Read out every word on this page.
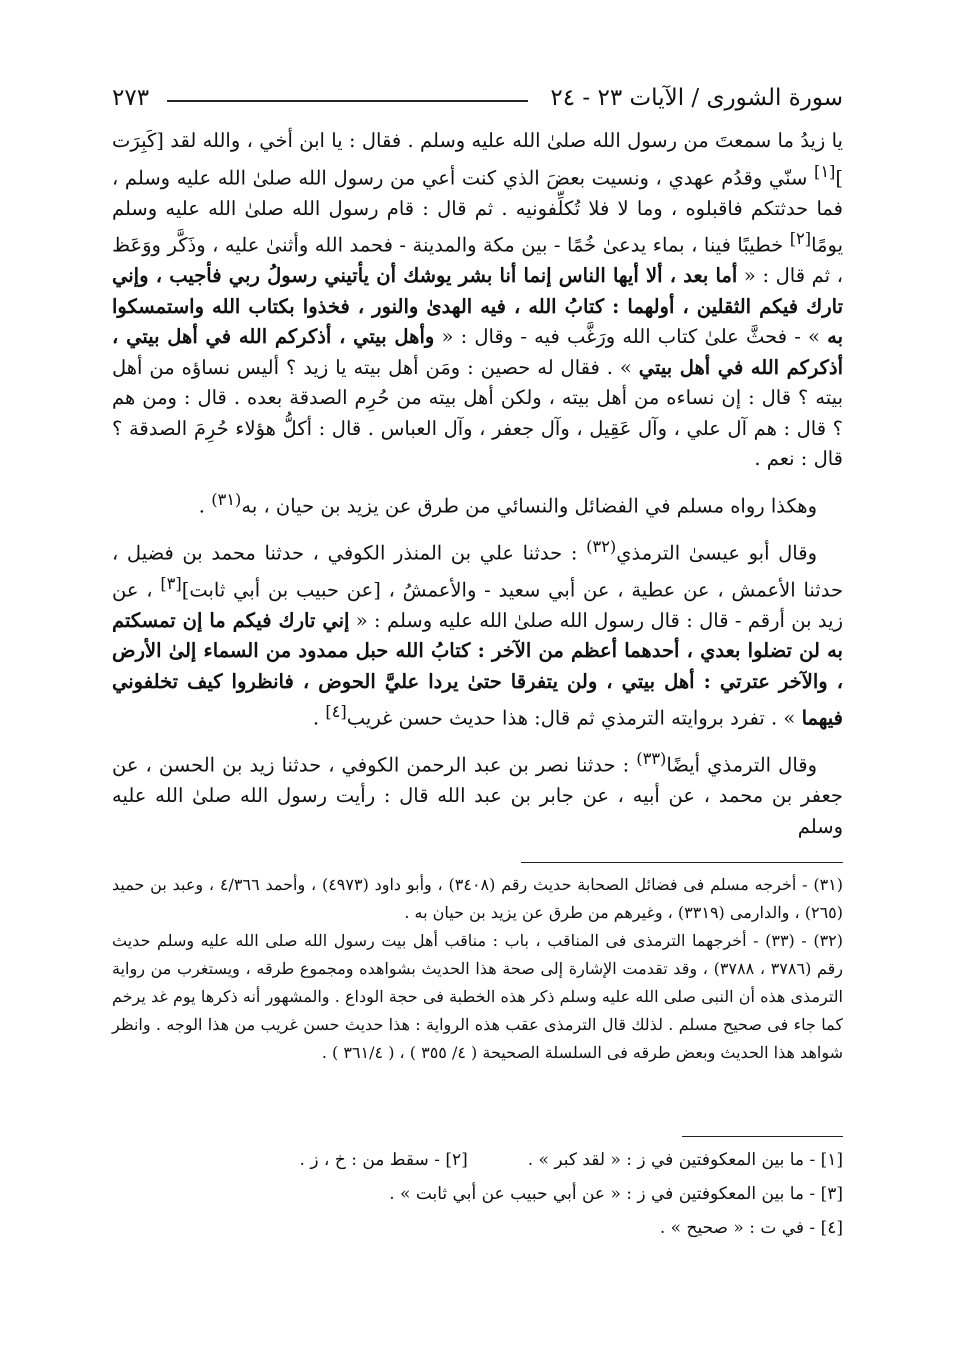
سورة الشورى / الآيات ٢٣ - ٢٤
٢٧٣

يا زيدُ ما سمعتَ من رسول الله صلىٰ الله عليه وسلم . فقال : يا ابن أخي ، والله لقد [كَبِرَت ][١] سنّي وقدُم عهدي ، ونسيت بعضَ الذي كنت أعي من رسول الله صلىٰ الله عليه وسلم ، فما حدثتكم فاقبلوه ، وما لا فلا تُكلِّفونيه . ثم قال : قام رسول الله صلىٰ الله عليه وسلم يومًا[٢] خطيبًا فينا ، بماء يدعىٰ خُمًا - بين مكة والمدينة - فحمد الله وأثنىٰ عليه ، وذَكَّر ووَعَظ ، ثم قال : « أما بعد ، ألا أيها الناس إنما أنا بشر يوشك أن يأتيني رسولُ ربي فأجيب ، وإني تارك فيكم الثقلين ، أولهما : كتابُ الله ، فيه الهدىٰ والنور ، فخذوا بكتاب الله واستمسكوا به » - فحثَّ علىٰ كتاب الله ورَغَّب فيه - وقال : « وأهل بيتي ، أذكركم الله في أهل بيتي ، أذكركم الله في أهل بيتي » . فقال له حصين : ومَن أهل بيته يا زيد ؟ أليس نساؤه من أهل بيته ؟ قال : إن نساءه من أهل بيته ، ولكن أهل بيته من حُرِم الصدقة بعده . قال : ومن هم ؟ قال : هم آل علي ، وآل عَقِيل ، وآل جعفر ، وآل العباس . قال : أكلُّ هؤلاء حُرِمَ الصدقة ؟ قال : نعم .

وهكذا رواه مسلم في الفضائل والنسائي من طرق عن يزيد بن حيان ، به$^{(٣١)}$ .

وقال أبو عيسىٰ الترمذي$^{(٣٢)}$ : حدثنا علي بن المنذر الكوفي ، حدثنا محمد بن فضيل ، حدثنا الأعمش ، عن عطية ، عن أبي سعيد - والأعمشُ ، [عن حبيب بن أبي ثابت][٣] ، عن زيد بن أرقم - قال : قال رسول الله صلىٰ الله عليه وسلم : « إني تارك فيكم ما إن تمسكتم به لن تضلوا بعدي ، أحدهما أعظم من الآخر : كتابُ الله حبل ممدود من السماء إلىٰ الأرض ، والآخر عترتي : أهل بيتي ، ولن يتفرقا حتىٰ يردا عليَّ الحوض ، فانظروا كيف تخلفوني فيهما » . تفرد بروايته الترمذي ثم قال: هذا حديث حسن غريب[٤] .

وقال الترمذي أيضًا$^{(٣٣)}$ : حدثنا نصر بن عبد الرحمن الكوفي ، حدثنا زيد بن الحسن ، عن جعفر بن محمد ، عن أبيه ، عن جابر بن عبد الله قال : رأيت رسول الله صلىٰ الله عليه وسلم

(٣١) - أخرجه مسلم فى فضائل الصحابة حديث رقم (٣٤٠٨) ، وأبو داود (٤٩٧٣) ، وأحمد ٤/٣٦٦ ، وعبد بن حميد (٢٦٥) ، والدارمى (٣٣١٩) ، وغيرهم من طرق عن يزيد بن حيان به .

(٣٢) - (٣٣) - أخرجهما الترمذى فى المناقب ، باب : مناقب أهل بيت رسول الله صلى الله عليه وسلم حديث رقم (٣٧٨٦ ، ٣٧٨٨) ، وقد تقدمت الإشارة إلى صحة هذا الحديث بشواهده ومجموع طرقه ، ويستغرب من رواية الترمذى هذه أن النبى صلى الله عليه وسلم ذكر هذه الخطبة فى حجة الوداع . والمشهور أنه ذكرها يوم غد يرخم كما جاء فى صحيح مسلم . لذلك قال الترمذى عقب هذه الرواية : هذا حديث حسن غريب من هذا الوجه . وانظر شواهد هذا الحديث وبعض طرقه فى السلسلة الصحيحة ( ٤/ ٣٥٥ ) ، ( ٣٦١/٤ ) .

[١] - ما بين المعكوفتين في ز : « لقد كبر » .
[٢] - سقط من : خ ، ز .

[٣] - ما بين المعكوفتين في ز : « عن أبي حبيب عن أبي ثابت » .

[٤] - في ت : « صحيح » .
